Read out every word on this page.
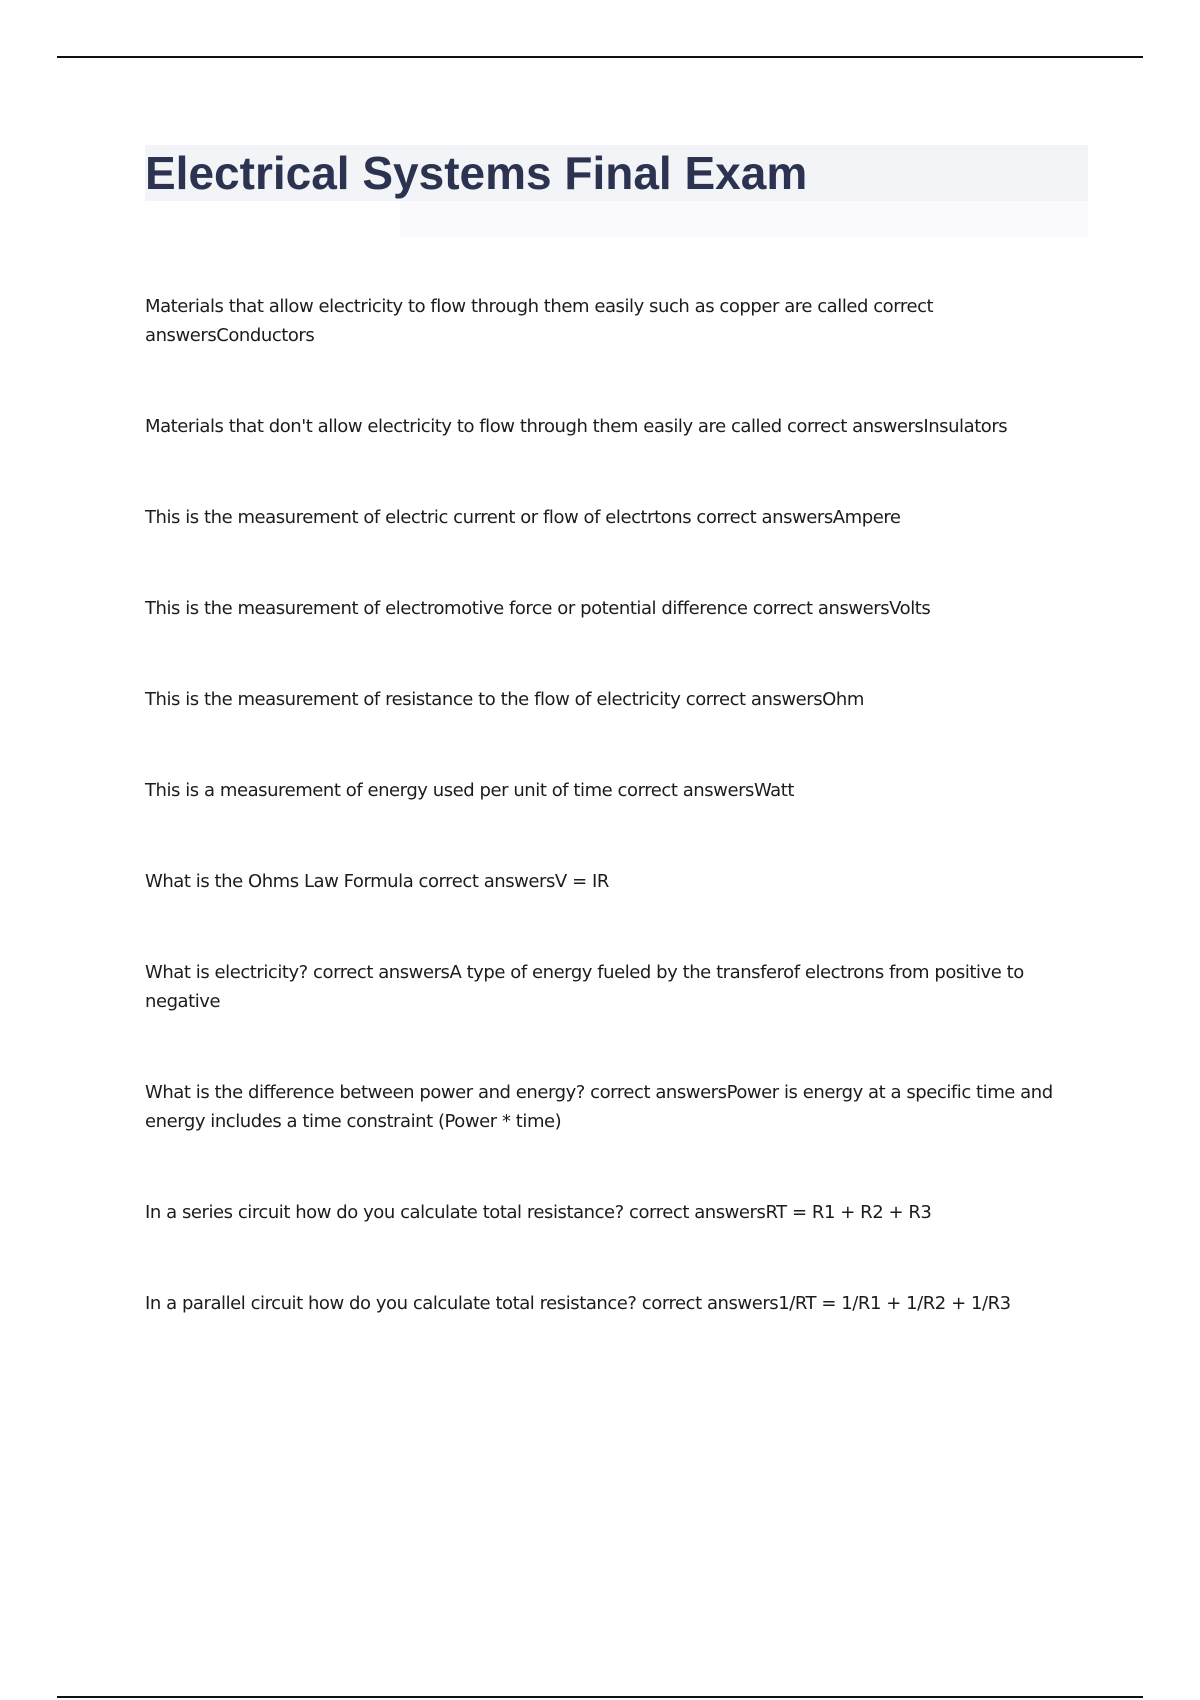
Electrical Systems Final Exam
Materials that allow electricity to flow through them easily such as copper are called correct answersConductors
Materials that don't allow electricity to flow through them easily are called correct answersInsulators
This is the measurement of electric current or flow of electrtons correct answersAmpere
This is the measurement of electromotive force or potential difference correct answersVolts
This is the measurement of resistance to the flow of electricity correct answersOhm
This is a measurement of energy used per unit of time correct answersWatt
What is the Ohms Law Formula correct answersV = IR
What is electricity? correct answersA type of energy fueled by the transferof electrons from positive to negative
What is the difference between power and energy? correct answersPower is energy at a specific time and energy includes a time constraint (Power * time)
In a series circuit how do you calculate total resistance? correct answersRT = R1 + R2 + R3
In a parallel circuit how do you calculate total resistance? correct answers1/RT = 1/R1 + 1/R2 + 1/R3
